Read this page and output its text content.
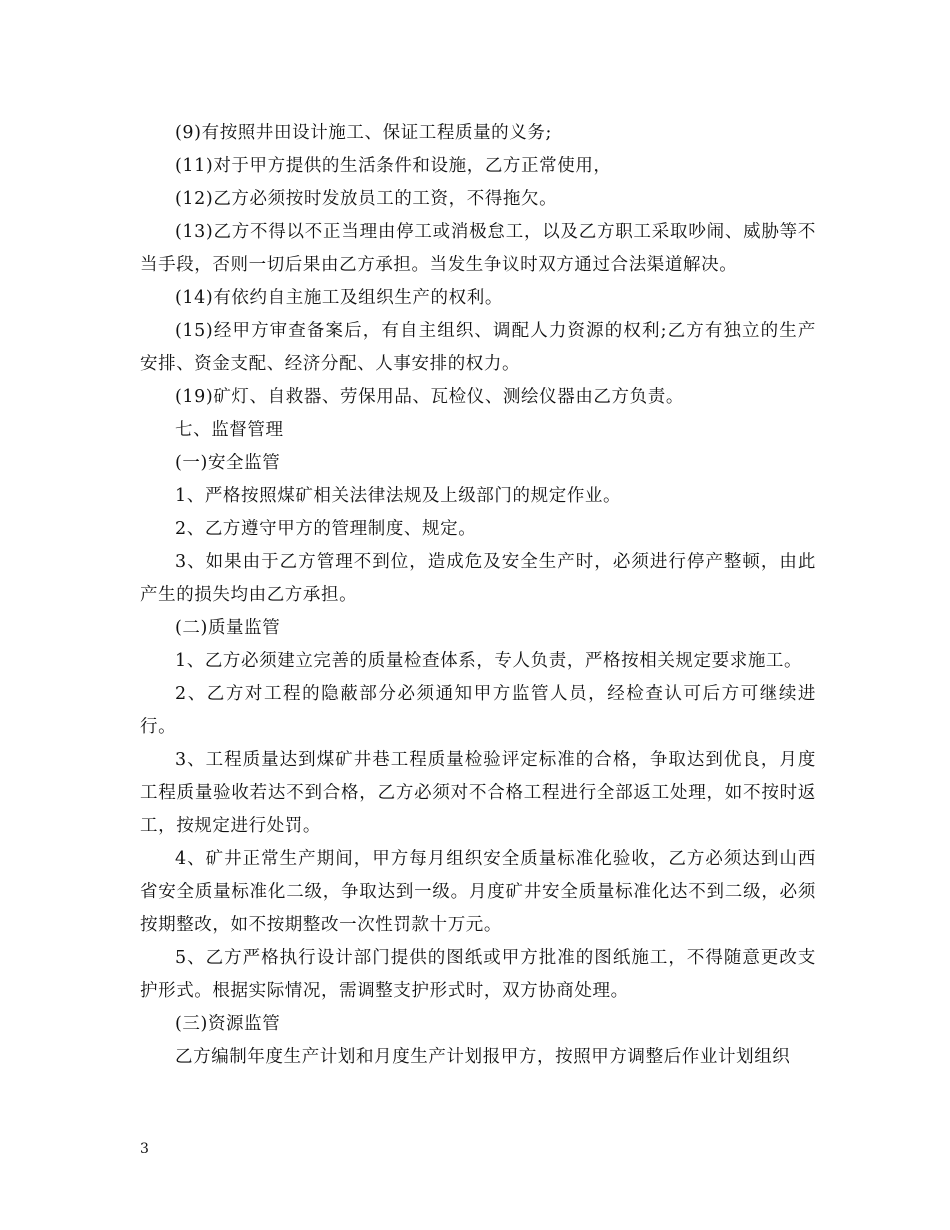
(9)有按照井田设计施工、保证工程质量的义务;

(11)对于甲方提供的生活条件和设施，乙方正常使用，

(12)乙方必须按时发放员工的工资，不得拖欠。

(13)乙方不得以不正当理由停工或消极怠工，以及乙方职工采取吵闹、威胁等不当手段，否则一切后果由乙方承担。当发生争议时双方通过合法渠道解决。

(14)有依约自主施工及组织生产的权利。

(15)经甲方审查备案后，有自主组织、调配人力资源的权利;乙方有独立的生产安排、资金支配、经济分配、人事安排的权力。

(19)矿灯、自救器、劳保用品、瓦检仪、测绘仪器由乙方负责。

七、监督管理

(一)安全监管

1、严格按照煤矿相关法律法规及上级部门的规定作业。

2、乙方遵守甲方的管理制度、规定。

3、如果由于乙方管理不到位，造成危及安全生产时，必须进行停产整顿，由此产生的损失均由乙方承担。

(二)质量监管

1、乙方必须建立完善的质量检查体系，专人负责，严格按相关规定要求施工。

2、乙方对工程的隐蔽部分必须通知甲方监管人员，经检查认可后方可继续进行。

3、工程质量达到煤矿井巷工程质量检验评定标准的合格，争取达到优良，月度工程质量验收若达不到合格，乙方必须对不合格工程进行全部返工处理，如不按时返工，按规定进行处罚。

4、矿井正常生产期间，甲方每月组织安全质量标准化验收，乙方必须达到山西省安全质量标准化二级，争取达到一级。月度矿井安全质量标准化达不到二级，必须按期整改，如不按期整改一次性罚款十万元。

5、乙方严格执行设计部门提供的图纸或甲方批准的图纸施工，不得随意更改支护形式。根据实际情况，需调整支护形式时，双方协商处理。

(三)资源监管

乙方编制年度生产计划和月度生产计划报甲方，按照甲方调整后作业计划组织

3
